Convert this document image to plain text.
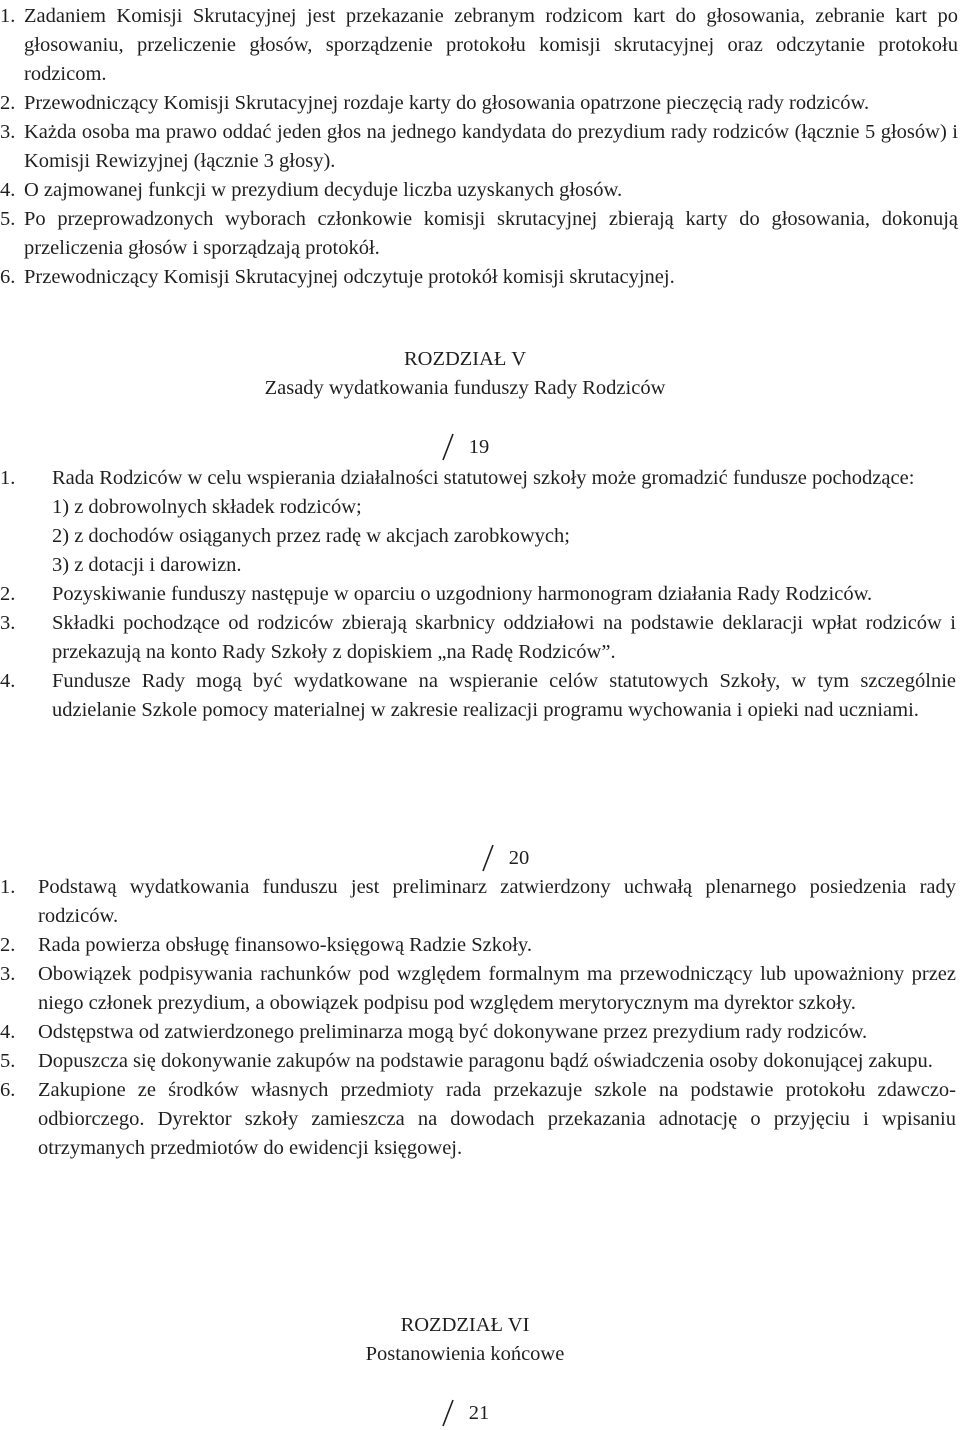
1. Zadaniem Komisji Skrutacyjnej jest przekazanie zebranym rodzicom kart do głosowania, zebranie kart po głosowaniu, przeliczenie głosów, sporządzenie protokołu komisji skrutacyjnej oraz odczytanie protokołu rodzicom.
2. Przewodniczący Komisji Skrutacyjnej rozdaje karty do głosowania opatrzone pieczęcią rady rodziców.
3. Każda osoba ma prawo oddać jeden głos na jednego kandydata do prezydium rady rodziców (łącznie 5 głosów) i Komisji Rewizyjnej (łącznie 3 głosy).
4. O zajmowanej funkcji w prezydium decyduje liczba uzyskanych głosów.
5. Po przeprowadzonych wyborach członkowie komisji skrutacyjnej zbierają karty do głosowania, dokonują przeliczenia głosów i sporządzają protokół.
6. Przewodniczący Komisji Skrutacyjnej odczytuje protokół komisji skrutacyjnej.
ROZDZIAŁ V
Zasady wydatkowania funduszy Rady Rodziców
19
1. Rada Rodziców w celu wspierania działalności statutowej szkoły może gromadzić fundusze pochodzące:
1) z dobrowolnych składek rodziców;
2) z dochodów osiąganych przez radę w akcjach zarobkowych;
3) z dotacji i darowizn.
2. Pozyskiwanie funduszy następuje w oparciu o uzgodniony harmonogram działania Rady Rodziców.
3. Składki pochodzące od rodziców zbierają skarbnicy oddziałowi na podstawie deklaracji wpłat rodziców i przekazują na konto Rady Szkoły z dopiskiem „na Radę Rodziców”.
4. Fundusze Rady mogą być wydatkowane na wspieranie celów statutowych Szkoły, w tym szczególnie udzielanie Szkole pomocy materialnej w zakresie realizacji programu wychowania i opieki nad uczniami.
20
1. Podstawą wydatkowania funduszu jest preliminarz zatwierdzony uchwałą plenarnego posiedzenia rady rodziców.
2. Rada powierza obsługę finansowo-księgową Radzie Szkoły.
3. Obowiązek podpisywania rachunków pod względem formalnym ma przewodniczący lub upoważniony przez niego członek prezydium, a obowiązek podpisu pod względem merytorycznym ma dyrektor szkoły.
4. Odstępstwa od zatwierdzonego preliminarza mogą być dokonywane przez prezydium rady rodziców.
5. Dopuszcza się dokonywanie zakupów na podstawie paragonu bądź oświadczenia osoby dokonującej zakupu.
6. Zakupione ze środków własnych przedmioty rada przekazuje szkole na podstawie protokołu zdawczo-odbiorczego. Dyrektor szkoły zamieszcza na dowodach przekazania adnotację o przyjęciu i wpisaniu otrzymanych przedmiotów do ewidencji księgowej.
ROZDZIAŁ VI
Postanowienia końcowe
21
